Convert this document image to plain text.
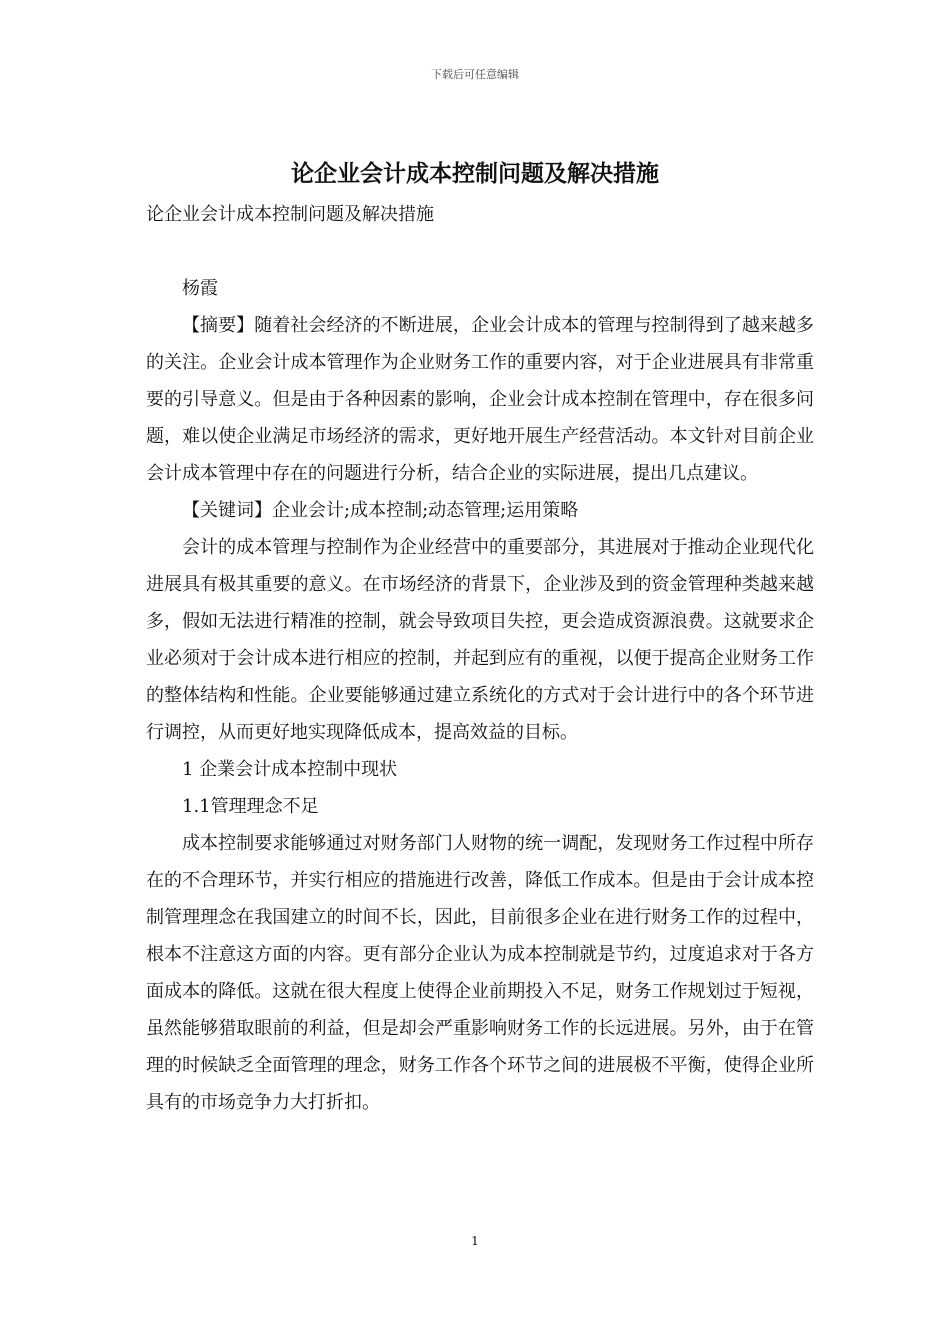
下载后可任意编辑
论企业会计成本控制问题及解决措施
论企业会计成本控制问题及解决措施

杨霞

【摘要】随着社会经济的不断进展，企业会计成本的管理与控制得到了越来越多的关注。企业会计成本管理作为企业财务工作的重要内容，对于企业进展具有非常重要的引导意义。但是由于各种因素的影响，企业会计成本控制在管理中，存在很多问题，难以使企业满足市场经济的需求，更好地开展生产经营活动。本文针对目前企业会计成本管理中存在的问题进行分析，结合企业的实际进展，提出几点建议。

【关键词】企业会计;成本控制;动态管理;运用策略

会计的成本管理与控制作为企业经营中的重要部分，其进展对于推动企业现代化进展具有极其重要的意义。在市场经济的背景下，企业涉及到的资金管理种类越来越多，假如无法进行精准的控制，就会导致项目失控，更会造成资源浪费。这就要求企业必须对于会计成本进行相应的控制，并起到应有的重视，以便于提高企业财务工作的整体结构和性能。企业要能够通过建立系统化的方式对于会计进行中的各个环节进行调控，从而更好地实现降低成本，提高效益的目标。

1 企業会计成本控制中现状

1.1管理理念不足

成本控制要求能够通过对财务部门人财物的统一调配，发现财务工作过程中所存在的不合理环节，并实行相应的措施进行改善，降低工作成本。但是由于会计成本控制管理理念在我国建立的时间不长，因此，目前很多企业在进行财务工作的过程中，根本不注意这方面的内容。更有部分企业认为成本控制就是节约，过度追求对于各方面成本的降低。这就在很大程度上使得企业前期投入不足，财务工作规划过于短视，虽然能够猎取眼前的利益，但是却会严重影响财务工作的长远进展。另外，由于在管理的时候缺乏全面管理的理念，财务工作各个环节之间的进展极不平衡，使得企业所具有的市场竞争力大打折扣。

1
